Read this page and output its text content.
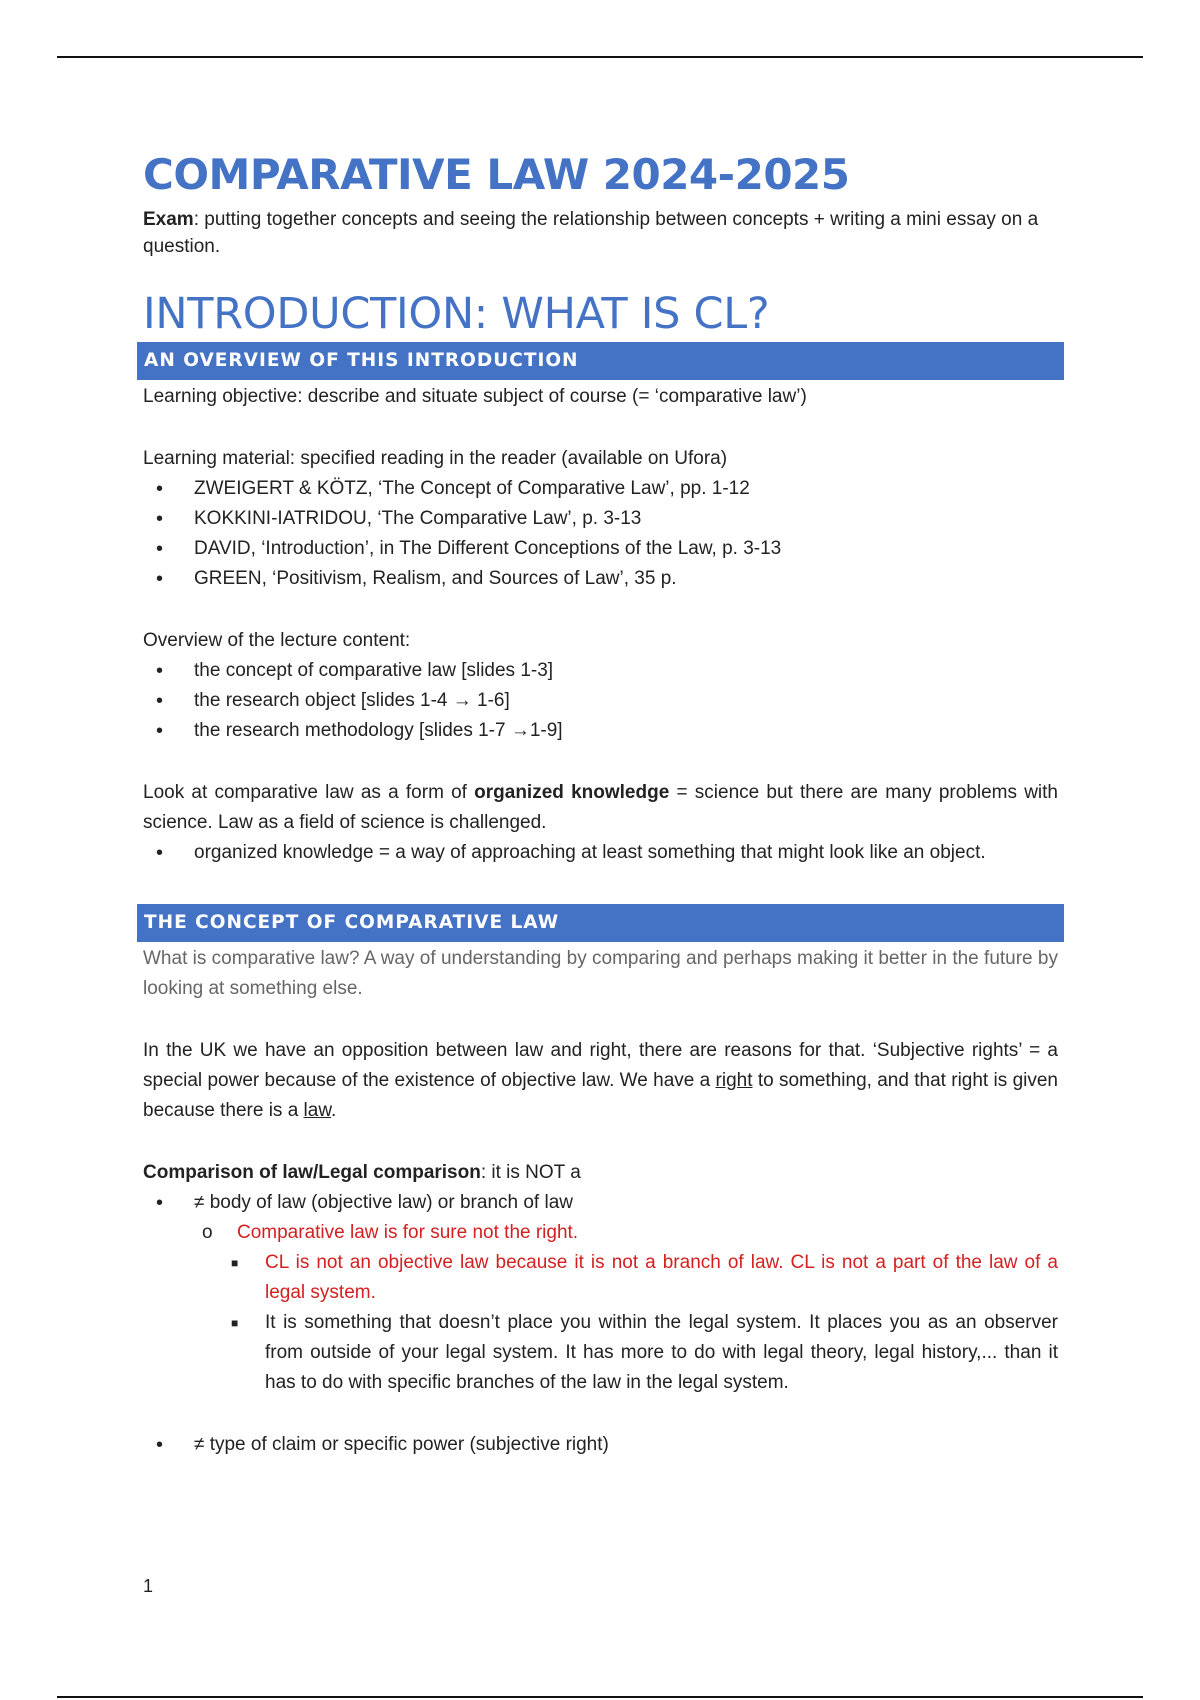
COMPARATIVE LAW 2024-2025

Exam: putting together concepts and seeing the relationship between concepts + writing a mini essay on a question.

INTRODUCTION: WHAT IS CL?
AN OVERVIEW OF THIS INTRODUCTION

Learning objective: describe and situate subject of course (= ‘comparative law’)

Learning material: specified reading in the reader (available on Ufora)

• ZWEIGERT & KÖTZ, ‘The Concept of Comparative Law’, pp. 1-12
• KOKKINI-IATRIDOU, ‘The Comparative Law’, p. 3-13
• DAVID, ‘Introduction’, in The Different Conceptions of the Law, p. 3-13
• GREEN, ‘Positivism, Realism, and Sources of Law’, 35 p.

Overview of the lecture content:

• the concept of comparative law [slides 1-3]
• the research object [slides 1-4 → 1-6]
• the research methodology [slides 1-7 →1-9]

Look at comparative law as a form of organized knowledge = science but there are many problems with science. Law as a field of science is challenged.

• organized knowledge = a way of approaching at least something that might look like an object.
THE CONCEPT OF COMPARATIVE LAW

What is comparative law? A way of understanding by comparing and perhaps making it better in the future by looking at something else.

In the UK we have an opposition between law and right, there are reasons for that. ‘Subjective rights’ = a special power because of the existence of objective law. We have a right to something, and that right is given because there is a law.

Comparison of law/Legal comparison: it is NOT a

• ≠ body of law (objective law) or branch of law
o Comparative law is for sure not the right.
■ CL is not an objective law because it is not a branch of law. CL is not a part of the law of a legal system.
■ It is something that doesn’t place you within the legal system. It places you as an observer from outside of your legal system. It has more to do with legal theory, legal history,... than it has to do with specific branches of the law in the legal system.
• ≠ type of claim or specific power (subjective right)
1
